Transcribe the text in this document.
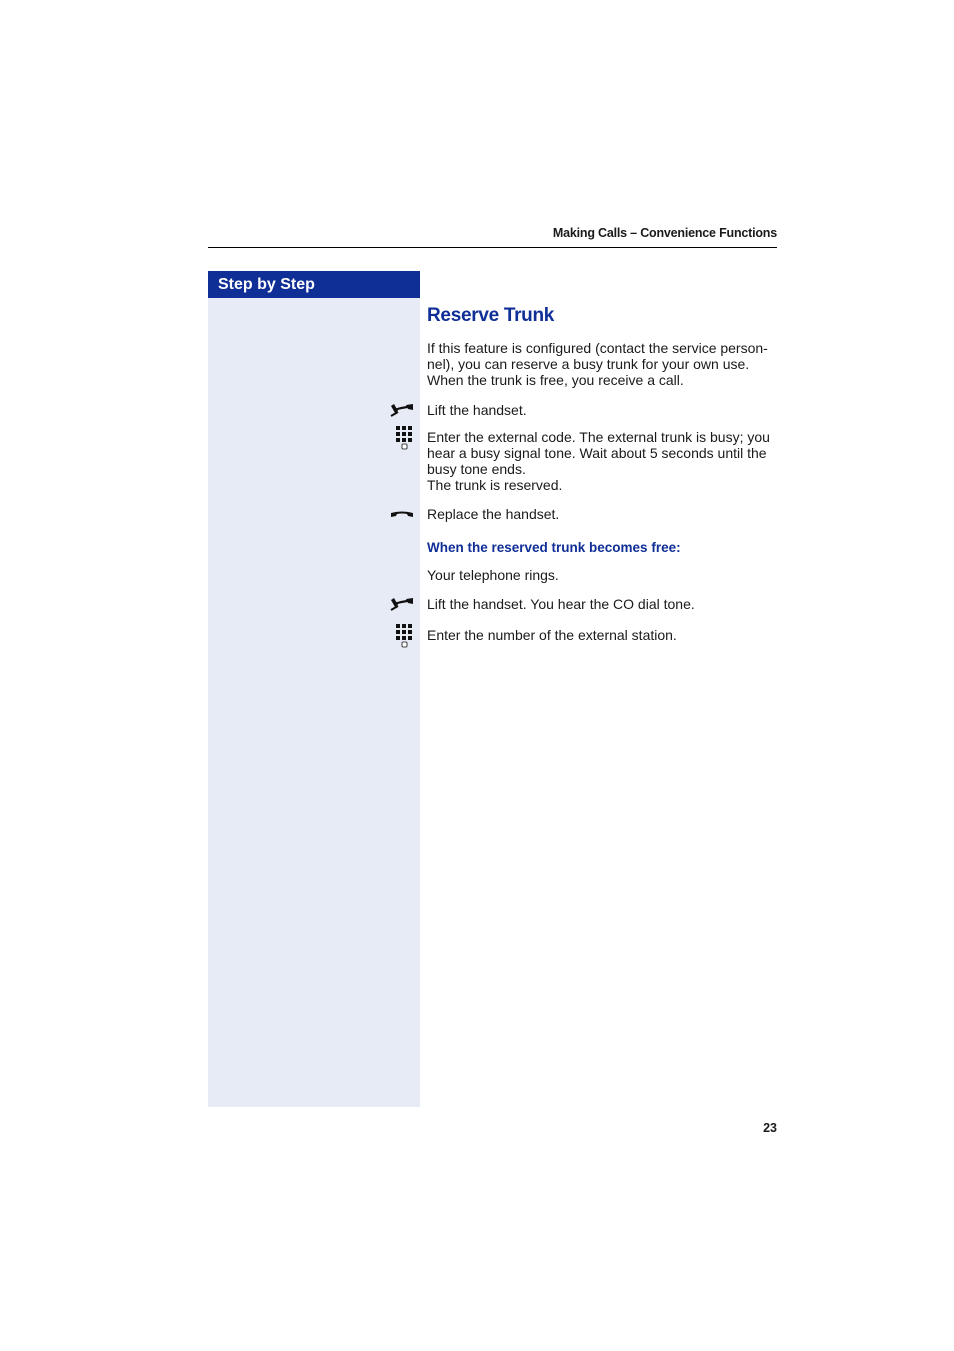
Making Calls – Convenience Functions
Step by Step
Reserve Trunk
If this feature is configured (contact the service person-
nel), you can reserve a busy trunk for your own use.
When the trunk is free, you receive a call.
Lift the handset.
Enter the external code. The external trunk is busy; you
hear a busy signal tone. Wait about 5 seconds until the
busy tone ends.
The trunk is reserved.
Replace the handset.
When the reserved trunk becomes free:
Your telephone rings.
Lift the handset. You hear the CO dial tone.
Enter the number of the external station.
23
